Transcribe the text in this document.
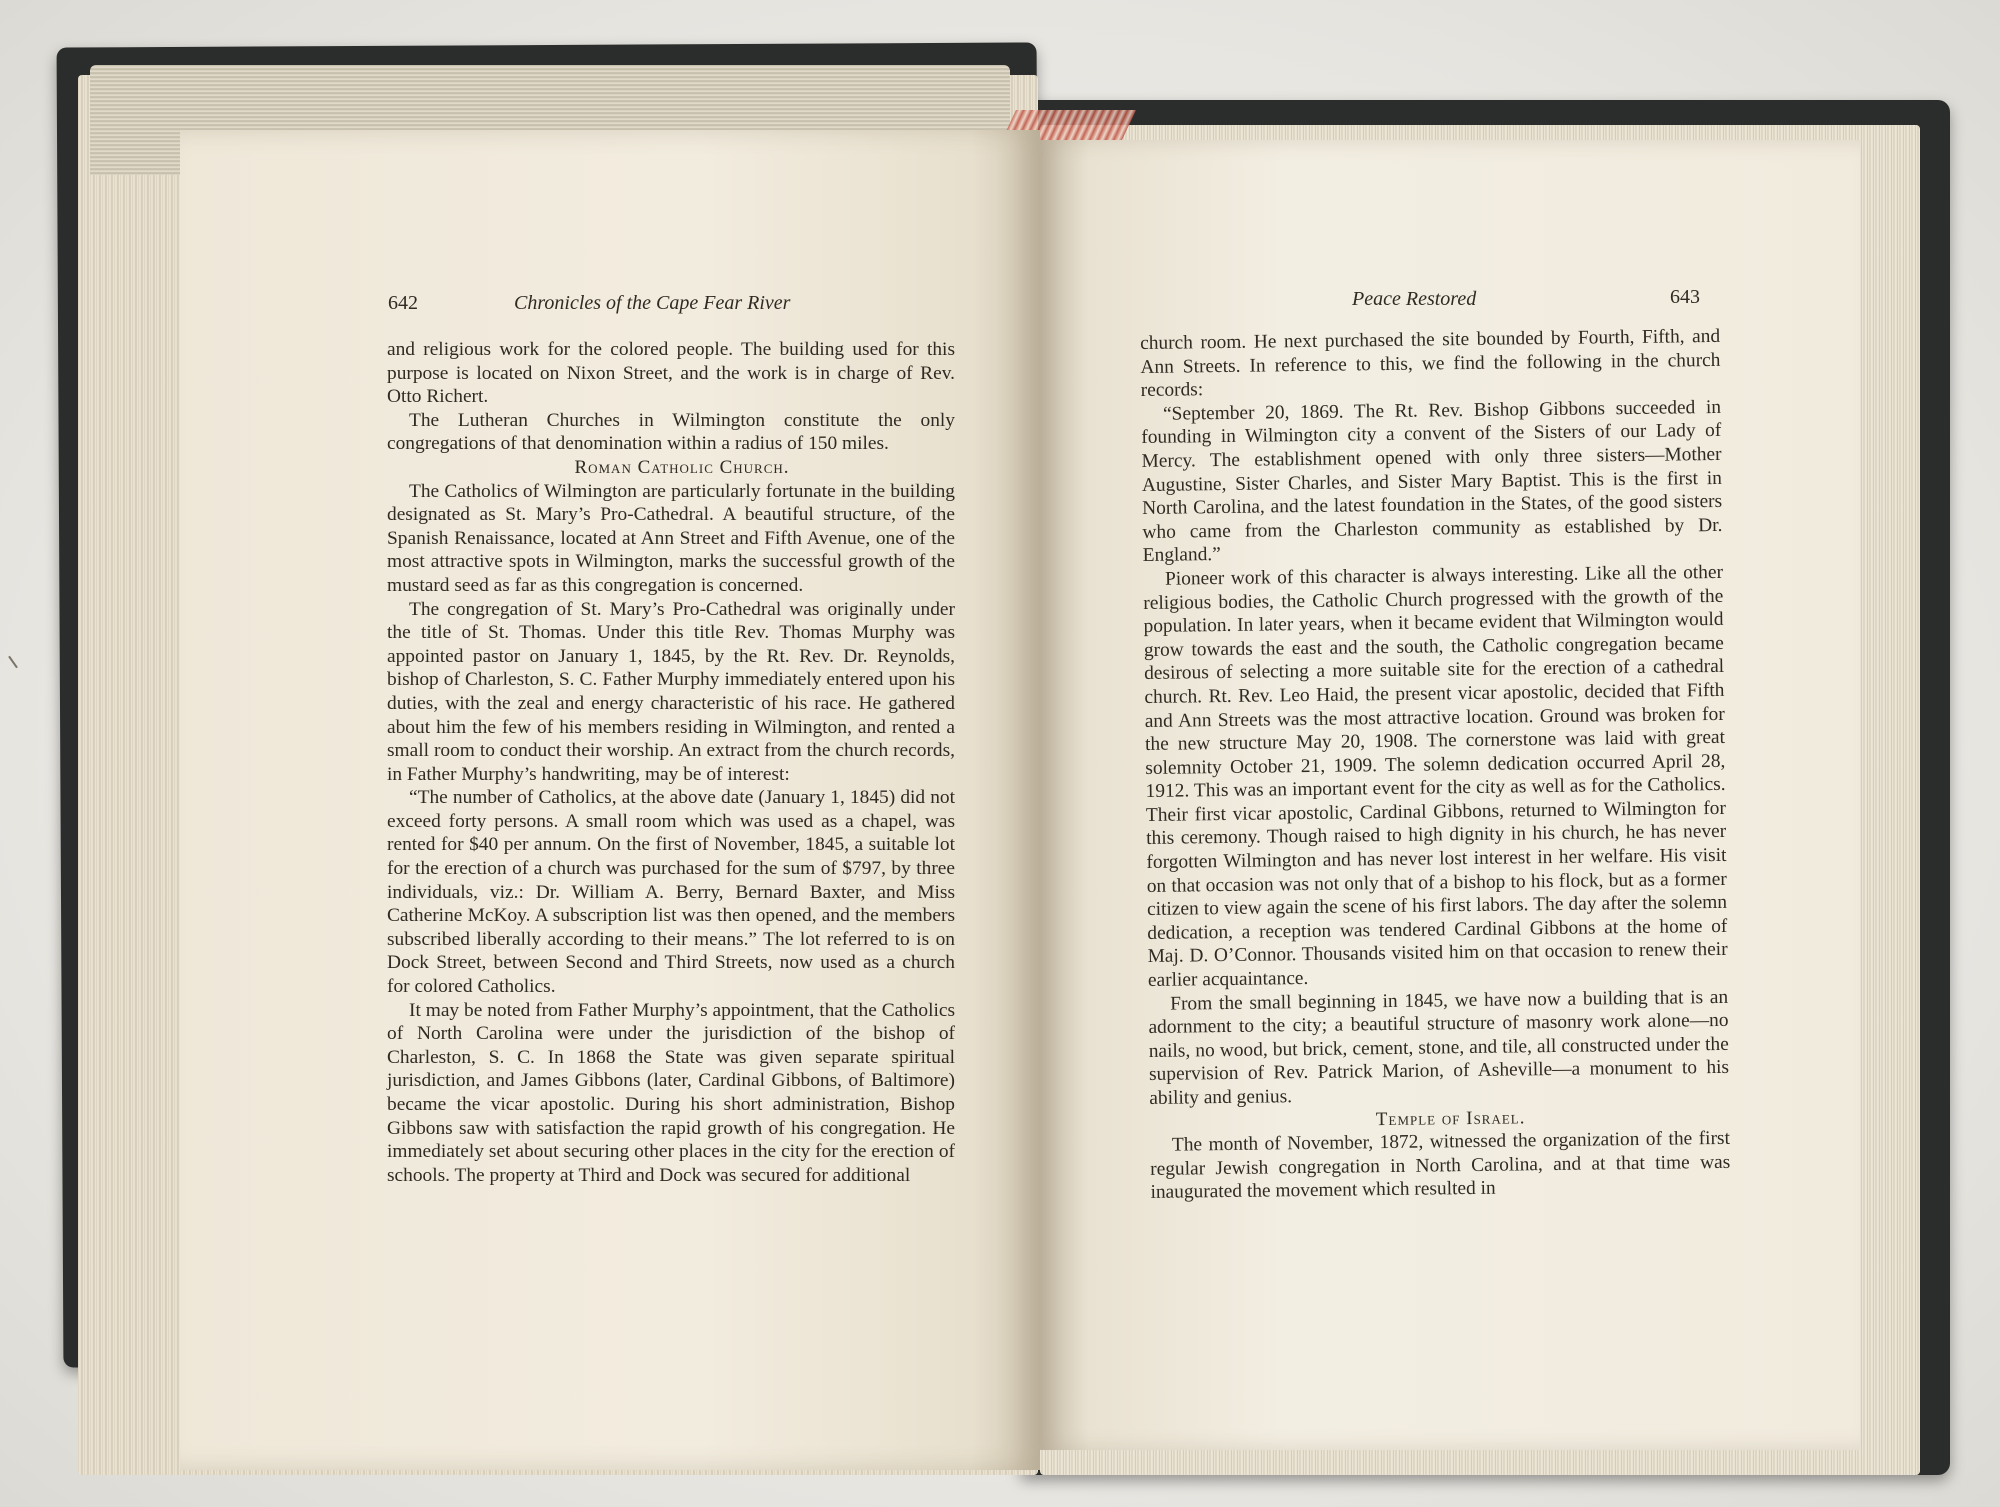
642	Chronicles of the Cape Fear River

and religious work for the colored people. The building used for this purpose is located on Nixon Street, and the work is in charge of Rev. Otto Richert.

The Lutheran Churches in Wilmington constitute the only congregations of that denomination within a radius of 150 miles.

Roman Catholic Church.

The Catholics of Wilmington are particularly fortunate in the building designated as St. Mary’s Pro-Cathedral. A beautiful structure, of the Spanish Renaissance, located at Ann Street and Fifth Avenue, one of the most attractive spots in Wilmington, marks the successful growth of the mustard seed as far as this congregation is concerned.

The congregation of St. Mary’s Pro-Cathedral was originally under the title of St. Thomas. Under this title Rev. Thomas Murphy was appointed pastor on January 1, 1845, by the Rt. Rev. Dr. Reynolds, bishop of Charleston, S. C. Father Murphy immediately entered upon his duties, with the zeal and energy characteristic of his race. He gathered about him the few of his members residing in Wilmington, and rented a small room to conduct their worship. An extract from the church records, in Father Murphy’s handwriting, may be of interest:

“The number of Catholics, at the above date (January 1, 1845) did not exceed forty persons. A small room which was used as a chapel, was rented for $40 per annum. On the first of November, 1845, a suitable lot for the erection of a church was purchased for the sum of $797, by three individuals, viz.: Dr. William A. Berry, Bernard Baxter, and Miss Catherine McKoy. A subscription list was then opened, and the members subscribed liberally according to their means.” The lot referred to is on Dock Street, between Second and Third Streets, now used as a church for colored Catholics.

It may be noted from Father Murphy’s appointment, that the Catholics of North Carolina were under the jurisdiction of the bishop of Charleston, S. C. In 1868 the State was given separate spiritual jurisdiction, and James Gibbons (later, Cardinal Gibbons, of Baltimore) became the vicar apostolic. During his short administration, Bishop Gibbons saw with satisfaction the rapid growth of his congregation. He immediately set about securing other places in the city for the erection of schools. The property at Third and Dock was secured for additional

Peace Restored	643

church room. He next purchased the site bounded by Fourth, Fifth, and Ann Streets. In reference to this, we find the following in the church records:

“September 20, 1869. The Rt. Rev. Bishop Gibbons succeeded in founding in Wilmington city a convent of the Sisters of our Lady of Mercy. The establishment opened with only three sisters—Mother Augustine, Sister Charles, and Sister Mary Baptist. This is the first in North Carolina, and the latest foundation in the States, of the good sisters who came from the Charleston community as established by Dr. England.”

Pioneer work of this character is always interesting. Like all the other religious bodies, the Catholic Church progressed with the growth of the population. In later years, when it became evident that Wilmington would grow towards the east and the south, the Catholic congregation became desirous of selecting a more suitable site for the erection of a cathedral church. Rt. Rev. Leo Haid, the present vicar apostolic, decided that Fifth and Ann Streets was the most attractive location. Ground was broken for the new structure May 20, 1908. The cornerstone was laid with great solemnity October 21, 1909. The solemn dedication occurred April 28, 1912. This was an important event for the city as well as for the Catholics. Their first vicar apostolic, Cardinal Gibbons, returned to Wilmington for this ceremony. Though raised to high dignity in his church, he has never forgotten Wilmington and has never lost interest in her welfare. His visit on that occasion was not only that of a bishop to his flock, but as a former citizen to view again the scene of his first labors. The day after the solemn dedication, a reception was tendered Cardinal Gibbons at the home of Maj. D. O’Connor. Thousands visited him on that occasion to renew their earlier acquaintance.

From the small beginning in 1845, we have now a building that is an adornment to the city; a beautiful structure of masonry work alone—no nails, no wood, but brick, cement, stone, and tile, all constructed under the supervision of Rev. Patrick Marion, of Asheville—a monument to his ability and genius.

Temple of Israel.

The month of November, 1872, witnessed the organization of the first regular Jewish congregation in North Carolina, and at that time was inaugurated the movement which resulted in
